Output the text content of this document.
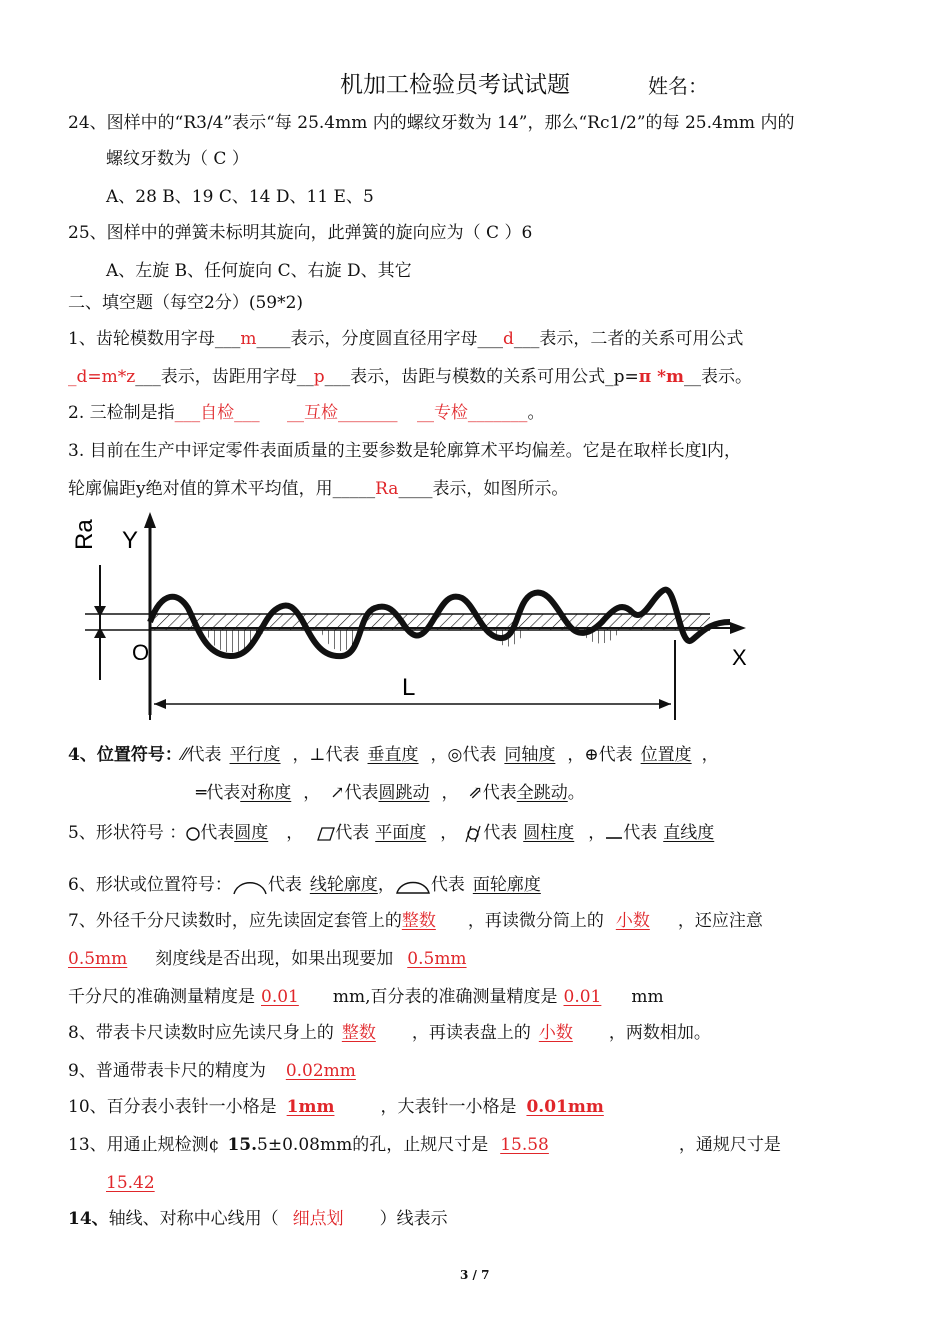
机加工检验员考试试题	姓名：
24、图样中的“R3/4”表示“每 25.4mm 内的螺纹牙数为 14”，那么“Rc1/2”的每 25.4mm 内的
螺纹牙数为（ C ）
A、28 B、19 C、14 D、11 E、5
25、图样中的弹簧未标明其旋向，此弹簧的旋向应为（ C ）6
A、左旋 B、任何旋向 C、右旋 D、其它
二、填空题（每空2分）(59*2)
1、齿轮模数用字母___m____表示，分度圆直径用字母___d___表示，二者的关系可用公式
_d=m*z___表示，齿距用字母__p___表示，齿距与模数的关系可用公式_p=π *m__表示。
2. 三检制是指___自检___ __互检_______ __专检_______。
3. 目前在生产中评定零件表面质量的主要参数是轮廓算术平均偏差。它是在取样长度l内，
轮廓偏距y绝对值的算术平均值，用_____Ra____表示，如图所示。
Ra Y
O	X
L
4、位置符号：⁄⁄代表 平行度 ，⊥代表 垂直度 ，◎代表 同轴度 ，⊕代表 位置度 ，
═代表对称度 ， ↗代表圆跳动 ， ⇗代表全跳动。
5、形状符号 ： 代表圆度 ， 代表 平面度 ， 代表 圆柱度 ， 代表 直线度
6、形状或位置符号： 代表 线轮廓度， 代表 面轮廓度
7、外径千分尺读数时，应先读固定套管上的整数 ，再读微分筒上的 小数 ，还应注意
0.5mm 刻度线是否出现，如果出现要加 0.5mm
千分尺的准确测量精度是 0.01 mm,百分表的准确测量精度是 0.01 mm
8、带表卡尺读数时应先读尺身上的 整数 ，再读表盘上的 小数 ，两数相加。
9、普通带表卡尺的精度为 0.02mm
10、百分表小表针一小格是 1mm	，大表针一小格是 0.01mm
13、用通止规检测¢ 15.5±0.08mm的孔，止规尺寸是 15.58	，通规尺寸是
15.42
14、轴线、对称中心线用（ 细点划 ）线表示
3 / 7
